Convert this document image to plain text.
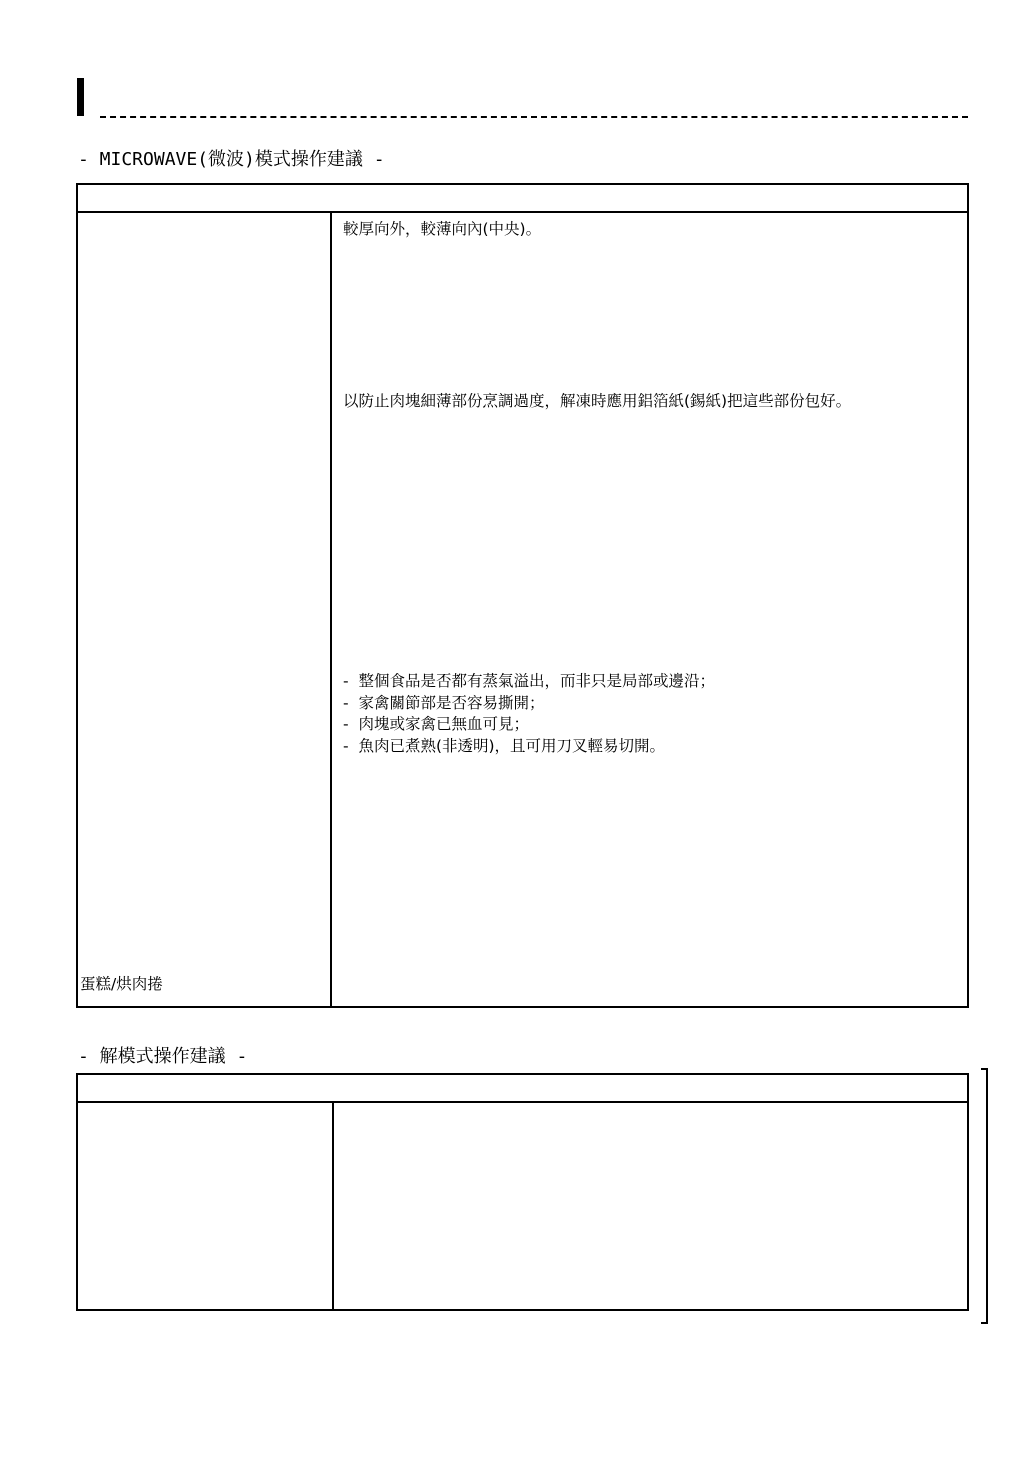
- MICROWAVE(微波)模式操作建議 -
較厚向外，較薄向內(中央)。
以防止肉塊細薄部份烹調過度，解凍時應用鋁箔紙(錫紙)把這些部份包好。
-  整個食品是否都有蒸氣溢出，而非只是局部或邊沿；
-  家禽關節部是否容易撕開；
-  肉塊或家禽已無血可見；
-  魚肉已煮熟(非透明)，且可用刀叉輕易切開。
蛋糕/烘肉捲
- 解模式操作建議 -
